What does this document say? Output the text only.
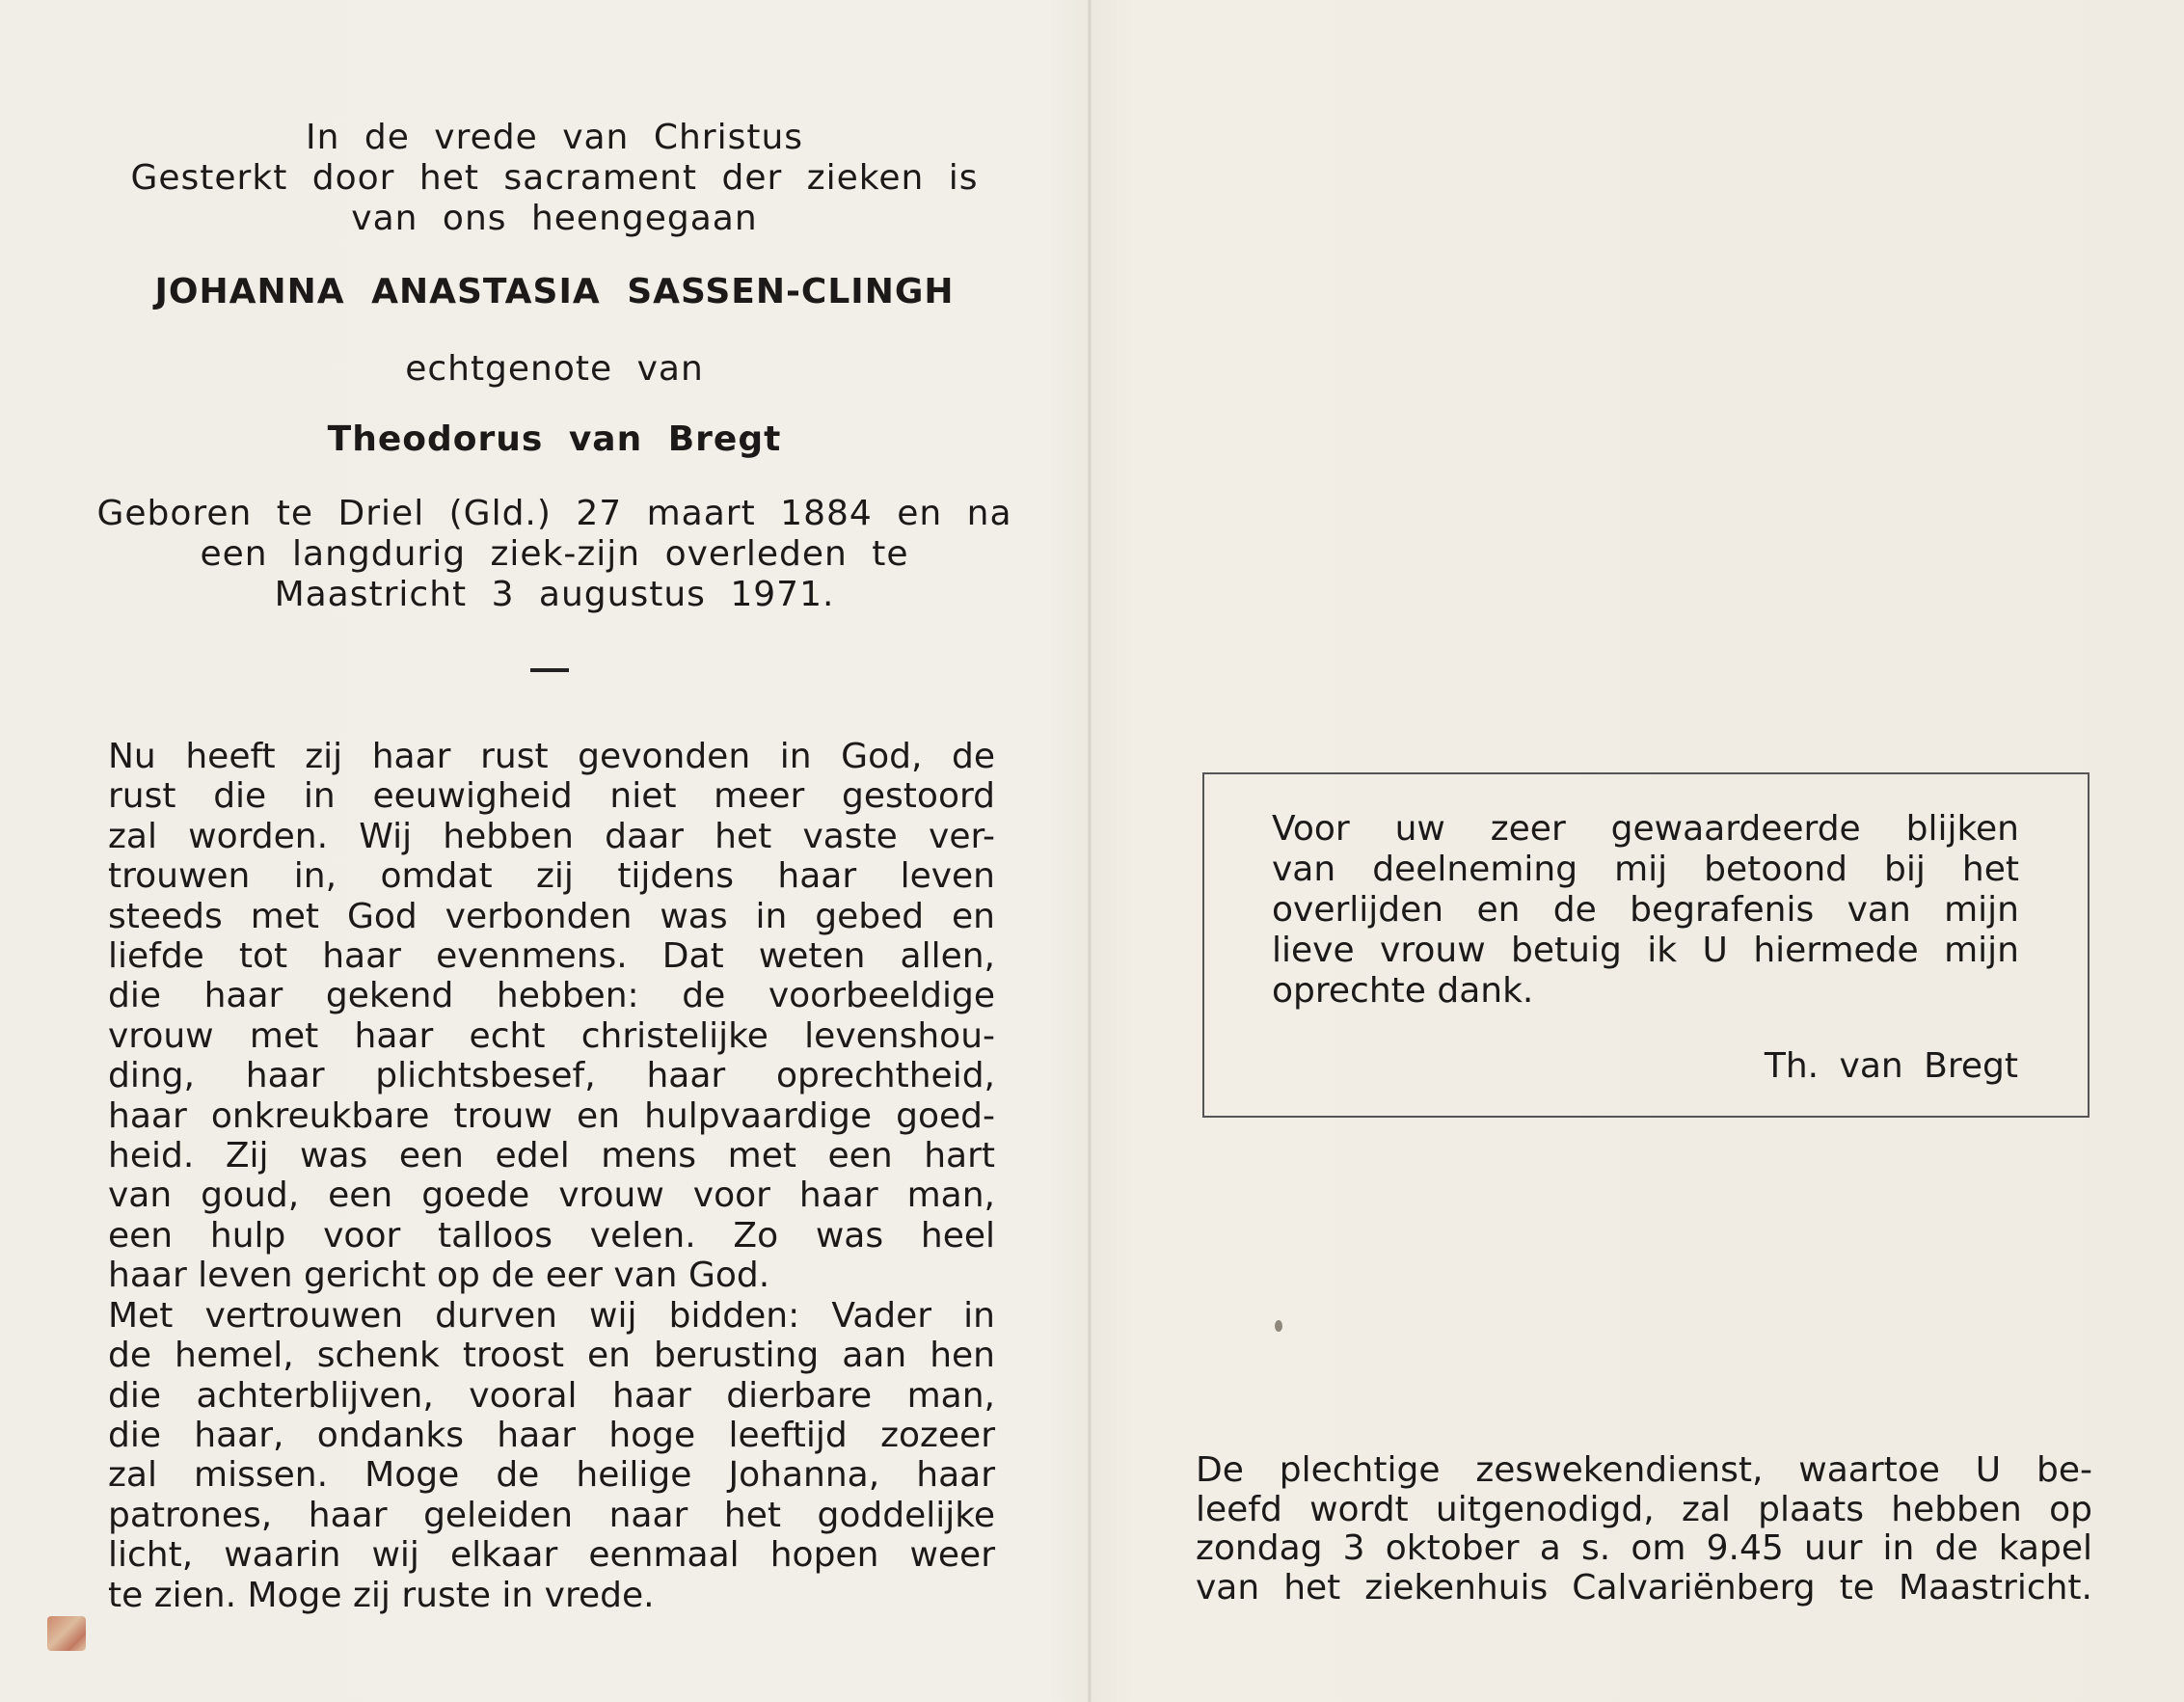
In de vrede van Christus
Gesterkt door het sacrament der zieken is
van ons heengegaan
JOHANNA ANASTASIA SASSEN-CLINGH
echtgenote van
Theodorus van Bregt
Geboren te Driel (Gld.) 27 maart 1884 en na
een langdurig ziek-zijn overleden te
Maastricht 3 augustus 1971.
Nu heeft zij haar rust gevonden in God, de
rust die in eeuwigheid niet meer gestoord
zal worden. Wij hebben daar het vaste ver-
trouwen in, omdat zij tijdens haar leven
steeds met God verbonden was in gebed en
liefde tot haar evenmens. Dat weten allen,
die haar gekend hebben: de voorbeeldige
vrouw met haar echt christelijke levenshou-
ding, haar plichtsbesef, haar oprechtheid,
haar onkreukbare trouw en hulpvaardige goed-
heid. Zij was een edel mens met een hart
van goud, een goede vrouw voor haar man,
een hulp voor talloos velen. Zo was heel
haar leven gericht op de eer van God.
Met vertrouwen durven wij bidden: Vader in
de hemel, schenk troost en berusting aan hen
die achterblijven, vooral haar dierbare man,
die haar, ondanks haar hoge leeftijd zozeer
zal missen. Moge de heilige Johanna, haar
patrones, haar geleiden naar het goddelijke
licht, waarin wij elkaar eenmaal hopen weer
te zien. Moge zij ruste in vrede.
Voor uw zeer gewaardeerde blijken
van deelneming mij betoond bij het
overlijden en de begrafenis van mijn
lieve vrouw betuig ik U hiermede mijn
oprechte dank.
Th. van Bregt
De plechtige zeswekendienst, waartoe U be-
leefd wordt uitgenodigd, zal plaats hebben op
zondag 3 oktober a s. om 9.45 uur in de kapel
van het ziekenhuis Calvariënberg te Maastricht.
